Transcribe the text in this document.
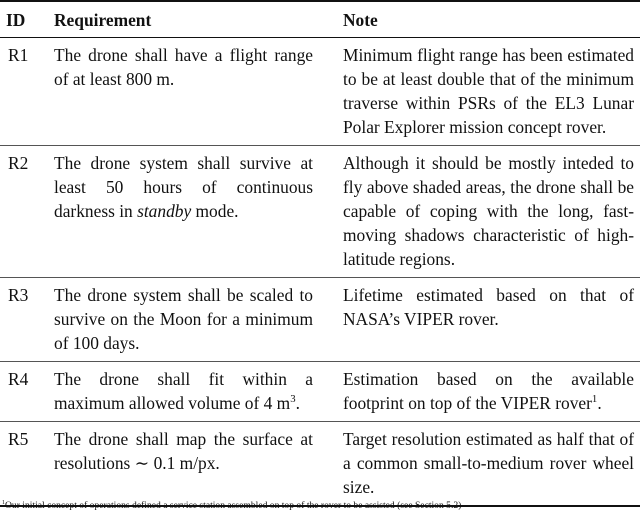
ID	Requirement	Note
R1	The drone shall have a flight range of at least 800 m.	Minimum flight range has been estimated to be at least double that of the minimum traverse within PSRs of the EL3 Lunar Polar Explorer mission concept rover.
R2	The drone system shall survive at least 50 hours of continuous darkness in standby mode.	Although it should be mostly inteded to fly above shaded areas, the drone shall be capable of coping with the long, fast-moving shadows characteristic of high-latitude regions.
R3	The drone system shall be scaled to survive on the Moon for a minimum of 100 days.	Lifetime estimated based on that of NASA’s VIPER rover.
R4	The drone shall fit within a maximum allowed volume of 4 $m^3$.	Estimation based on the available footprint on top of the VIPER rover$^1$.
R5	The drone shall map the surface at resolutions ∼ 0.1 m/px.	Target resolution estimated as half that of a common small-to-medium rover wheel size.
$^1$Our initial concept of operations defined a service station assembled on top of the rover to be assisted (see Section 5.2)
